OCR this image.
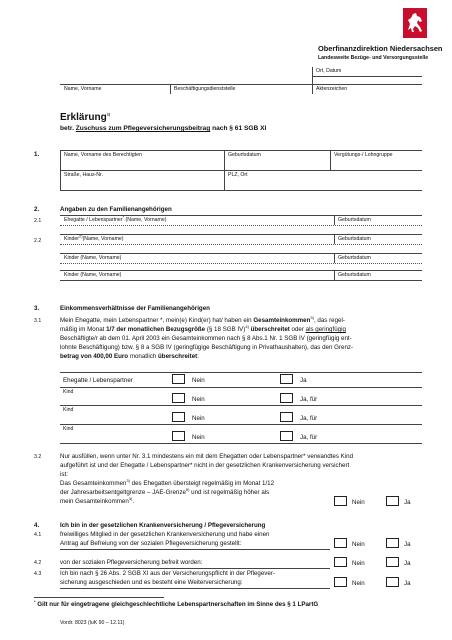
Oberfinanzdirektion Niedersachsen
Landesweite Bezüge- und Versorgungsstelle
Ort, Datum
Name, Vorname	Beschäftigungsdienststelle	Aktenzeichen
Erklärung$^{1)}$
betr. Zuschuss zum Pflegeversicherungsbeitrag nach § 61 SGB XI
1.	Name, Vorname des Berechtigten	Geburtsdatum	Vergütungs-/ Lohngruppe
Straße, Haus-Nr.	PLZ, Ort
2.	Angaben zu den Familienangehörigen
2.1	Ehegatte / Lebenspartner* (Name, Vorname)	Geburtsdatum
2.2	Kinder$^{2)}$(Name, Vorname)	Geburtsdatum
Kinder (Name, Vorname)	Geburtsdatum
Kinder (Name, Vorname)	Geburtsdatum
3.	Einkommensverhältnisse der Familienangehörigen
3.1	Mein Ehegatte, mein Lebenspartner *, mein(e) Kind(er) hat/ haben ein Gesamteinkommen$^{3)}$, das regel-
mäßig im Monat 1/7 der monatlichen Bezugsgröße (§ 18 SGB IV)$^{4)}$ überschreitet oder als geringfügig
Beschäftigte/r ab dem 01. April 2003 ein Gesamteinkommen nach § 8 Abs.1 Nr. 1 SGB IV (geringfügig ent-
lohnte Beschäftigung) bzw. § 8 a SGB IV (geringfügige Beschäftigung in Privathaushalten), das den Grenz-
betrag von 400,00 Euro monatlich überschreitet:
Ehegatte / Lebenspartner	Nein	Ja
Kind
Nein	Ja, für
Kind
Nein	Ja, für
Kind
Nein	Ja, für
3.2	Nur ausfüllen, wenn unter Nr. 3.1 mindestens ein mit dem Ehegatten oder Lebenspartner* verwandtes Kind
aufgeführt ist und der Ehegatte / Lebenspartner* nicht in der gesetzlichen Krankenversicherung versichert
ist:
Das Gesamteinkommen$^{3)}$ des Ehegatten übersteigt regelmäßig im Monat 1/12
der Jahresarbeitsentgeltgrenze – JAE-Grenze$^{5)}$ und ist regelmäßig höher als
mein Gesamteinkommen$^{3)}$.	Nein	Ja
4.	Ich bin in der gesetzlichen Krankenversicherung / Pflegeversicherung
4.1	freiwilliges Mitglied in der gesetzlichen Krankenversicherung und habe einen
Antrag auf Befreiung von der sozialen Pflegeversicherung gestellt:	Nein	Ja
4.2	von der sozialen Pflegeversicherung befreit worden:	Nein	Ja
4.3	Ich bin nach § 26 Abs. 2 SGB XI aus der Versicherungspflicht in der Pflegever-
sicherung ausgeschieden und es besteht eine Weiterversicherung:	Nein	Ja
* Gilt nur für eingetragene gleichgeschlechtliche Lebenspartnerschaften im Sinne des § 1 LPartG
Vordr. 8023 (luK 90 – 12.11)
